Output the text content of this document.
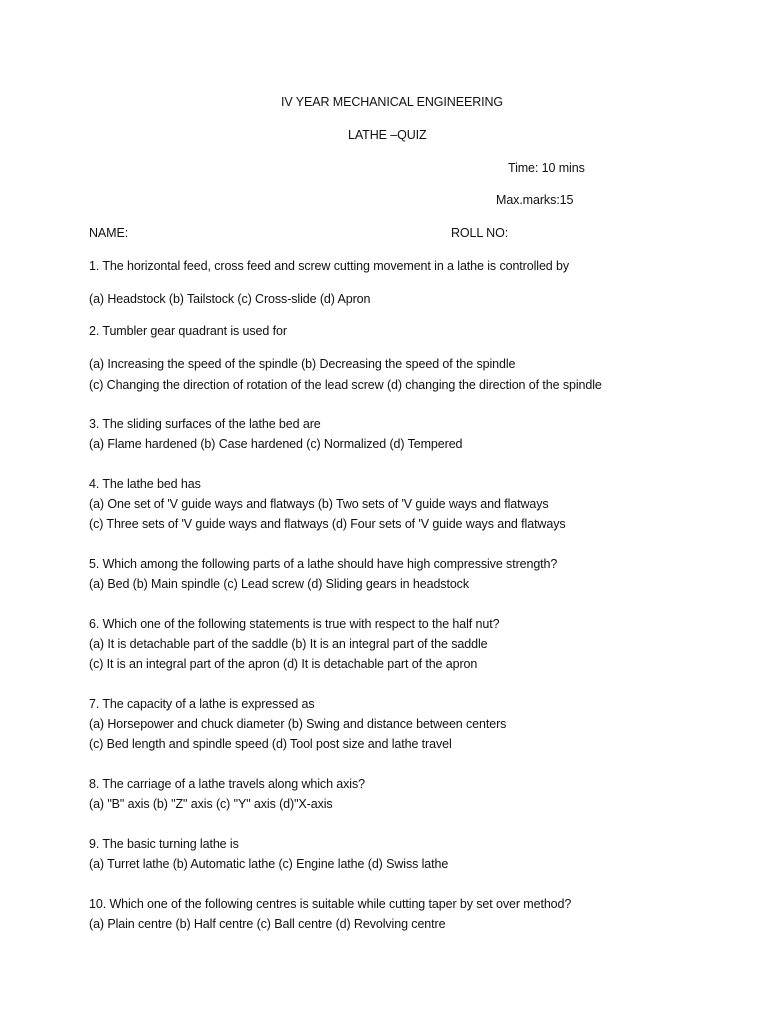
IV YEAR MECHANICAL ENGINEERING
LATHE –QUIZ
Time: 10 mins
Max.marks:15
NAME:	ROLL NO:
1. The horizontal feed, cross feed and screw cutting movement in a lathe is controlled by
(a) Headstock (b) Tailstock (c) Cross-slide (d) Apron
2. Tumbler gear quadrant is used for
(a) Increasing the speed of the spindle (b) Decreasing the speed of the spindle
(c) Changing the direction of rotation of the lead screw (d) changing the direction of the spindle
3. The sliding surfaces of the lathe bed are
(a) Flame hardened (b) Case hardened (c) Normalized (d) Tempered
4. The lathe bed has
(a) One set of 'V guide ways and flatways (b) Two sets of 'V guide ways and flatways
(c) Three sets of 'V guide ways and flatways (d) Four sets of 'V guide ways and flatways
5. Which among the following parts of a lathe should have high compressive strength?
(a) Bed (b) Main spindle (c) Lead screw (d) Sliding gears in headstock
6. Which one of the following statements is true with respect to the half nut?
(a) It is detachable part of the saddle (b) It is an integral part of the saddle
(c) It is an integral part of the apron (d) It is detachable part of the apron
7. The capacity of a lathe is expressed as
(a) Horsepower and chuck diameter (b) Swing and distance between centers
(c) Bed length and spindle speed (d) Tool post size and lathe travel
8. The carriage of a lathe travels along which axis?
(a) "B" axis (b) "Z" axis (c) "Y" axis (d)"X-axis
9. The basic turning lathe is
(a) Turret lathe (b) Automatic lathe (c) Engine lathe (d) Swiss lathe
10. Which one of the following centres is suitable while cutting taper by set over method?
(a) Plain centre (b) Half centre (c) Ball centre (d) Revolving centre
